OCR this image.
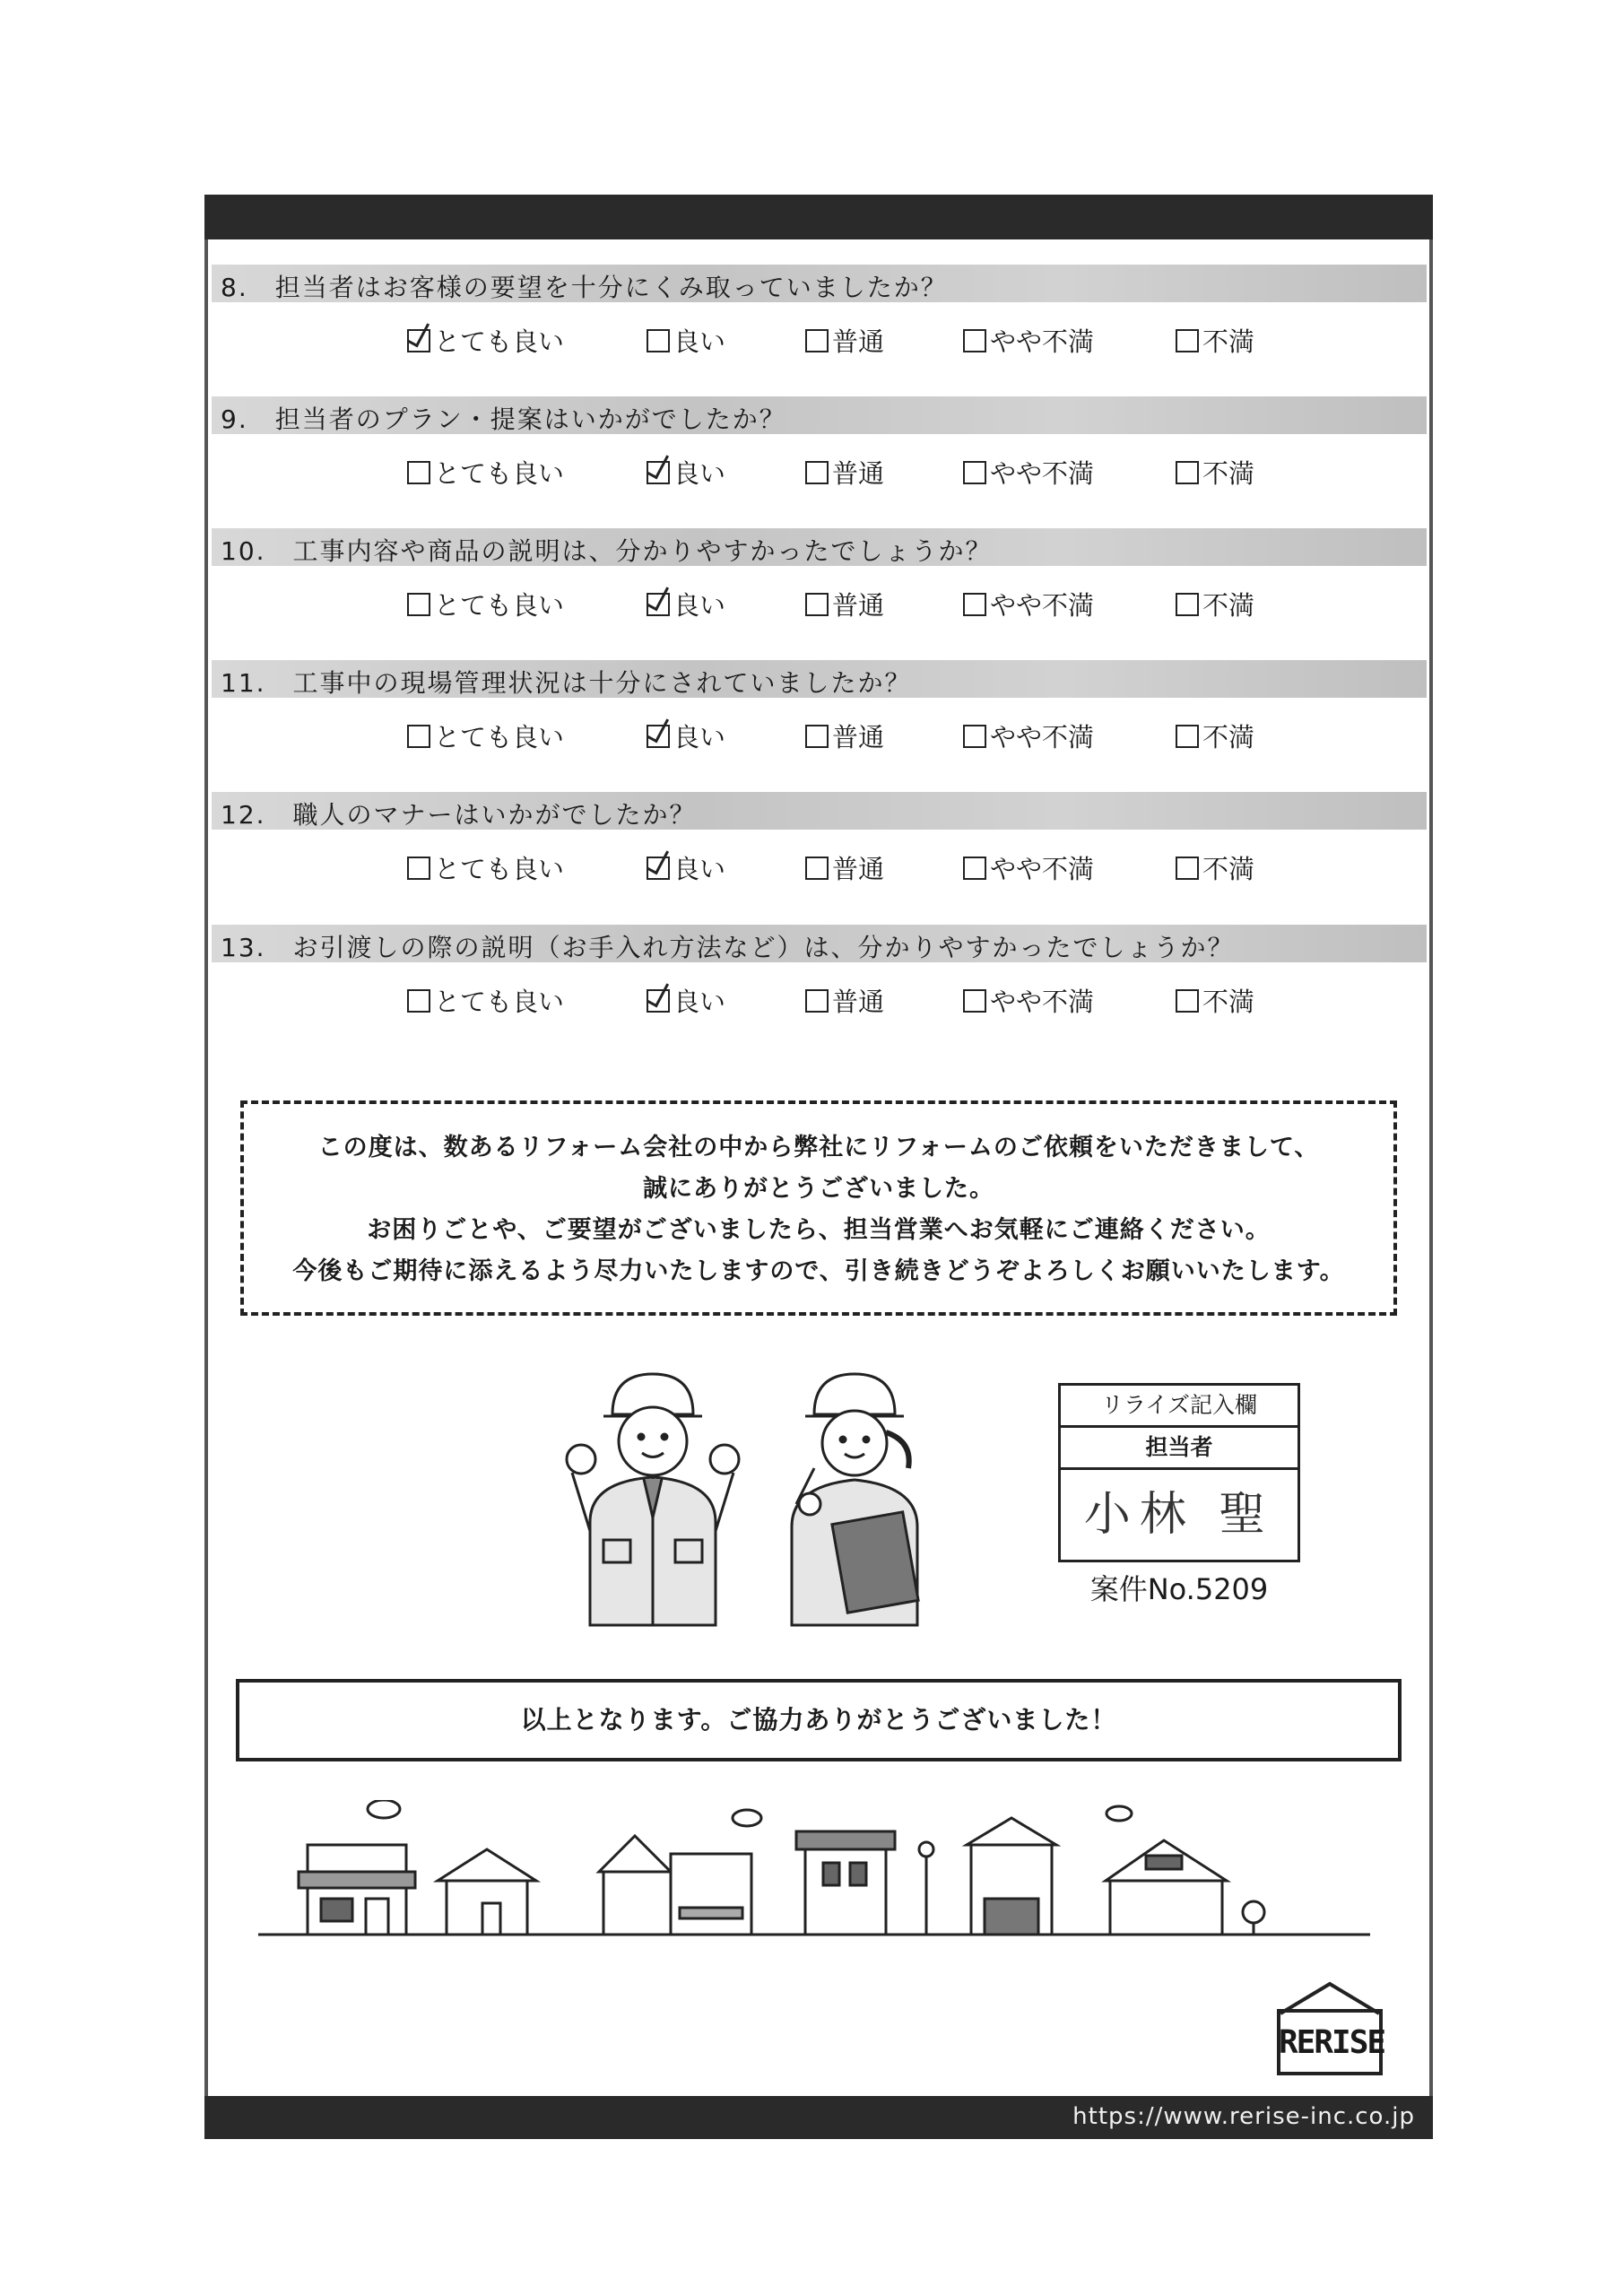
8.　担当者はお客様の要望を十分にくみ取っていましたか？
とても良い	良い	普通	やや不満	不満
9.　担当者のプラン・提案はいかがでしたか？
とても良い	良い	普通	やや不満	不満
10.　工事内容や商品の説明は、分かりやすかったでしょうか？
とても良い	良い	普通	やや不満	不満
11.　工事中の現場管理状況は十分にされていましたか？
とても良い	良い	普通	やや不満	不満
12.　職人のマナーはいかがでしたか？
とても良い	良い	普通	やや不満	不満
13.　お引渡しの際の説明（お手入れ方法など）は、分かりやすかったでしょうか？
とても良い	良い	普通	やや不満	不満

この度は、数あるリフォーム会社の中から弊社にリフォームのご依頼をいただきまして、

誠にありがとうございました。

お困りごとや、ご要望がございましたら、担当営業へお気軽にご連絡ください。

今後もご期待に添えるよう尽力いたしますので、引き続きどうぞよろしくお願いいたします。

リライズ記入欄
担当者
小林 聖
案件No.5209
以上となります。ご協力ありがとうございました！
RERISE
https://www.rerise-inc.co.jp
